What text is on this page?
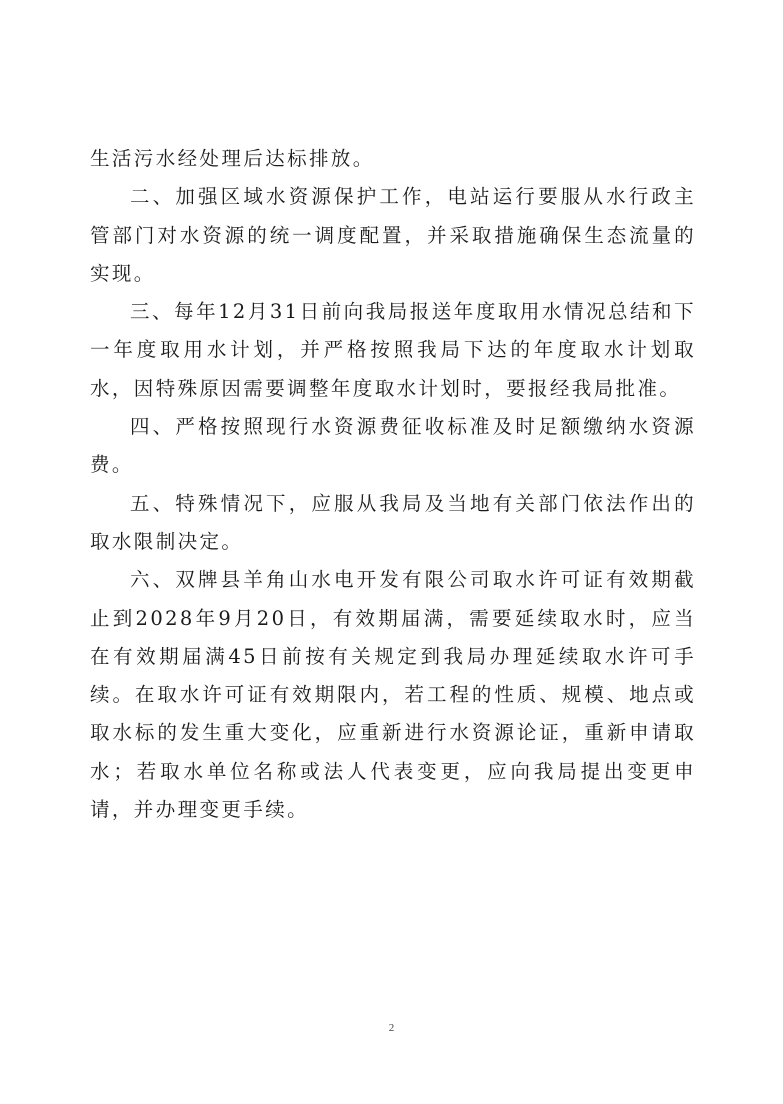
生活污水经处理后达标排放。

二、加强区域水资源保护工作，电站运行要服从水行政主管部门对水资源的统一调度配置，并采取措施确保生态流量的实现。

三、每年12月31日前向我局报送年度取用水情况总结和下一年度取用水计划，并严格按照我局下达的年度取水计划取水，因特殊原因需要调整年度取水计划时，要报经我局批准。

四、严格按照现行水资源费征收标准及时足额缴纳水资源费。

五、特殊情况下，应服从我局及当地有关部门依法作出的取水限制决定。

六、双牌县羊角山水电开发有限公司取水许可证有效期截止到2028年9月20日，有效期届满，需要延续取水时，应当在有效期届满45日前按有关规定到我局办理延续取水许可手续。在取水许可证有效期限内，若工程的性质、规模、地点或取水标的发生重大变化，应重新进行水资源论证，重新申请取水；若取水单位名称或法人代表变更，应向我局提出变更申请，并办理变更手续。

2
